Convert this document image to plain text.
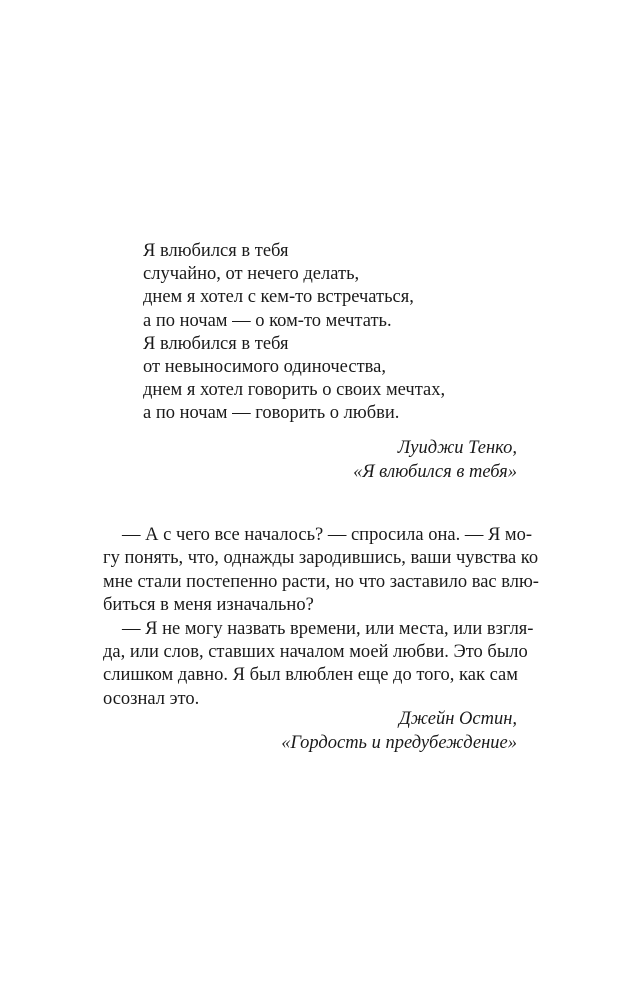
Я влюбился в тебя
случайно, от нечего делать,
днем я хотел с кем-то встречаться,
а по ночам — о ком-то мечтать.
Я влюбился в тебя
от невыносимого одиночества,
днем я хотел говорить о своих мечтах,
а по ночам — говорить о любви.
Луиджи Тенко,
«Я влюбился в тебя»
— А с чего все началось? — спросила она. — Я мо-
гу понять, что, однажды зародившись, ваши чувства ко
мне стали постепенно расти, но что заставило вас влю-
биться в меня изначально?
— Я не могу назвать времени, или места, или взгля-
да, или слов, ставших началом моей любви. Это было
слишком давно. Я был влюблен еще до того, как сам
осознал это.
Джейн Остин,
«Гордость и предубеждение»
